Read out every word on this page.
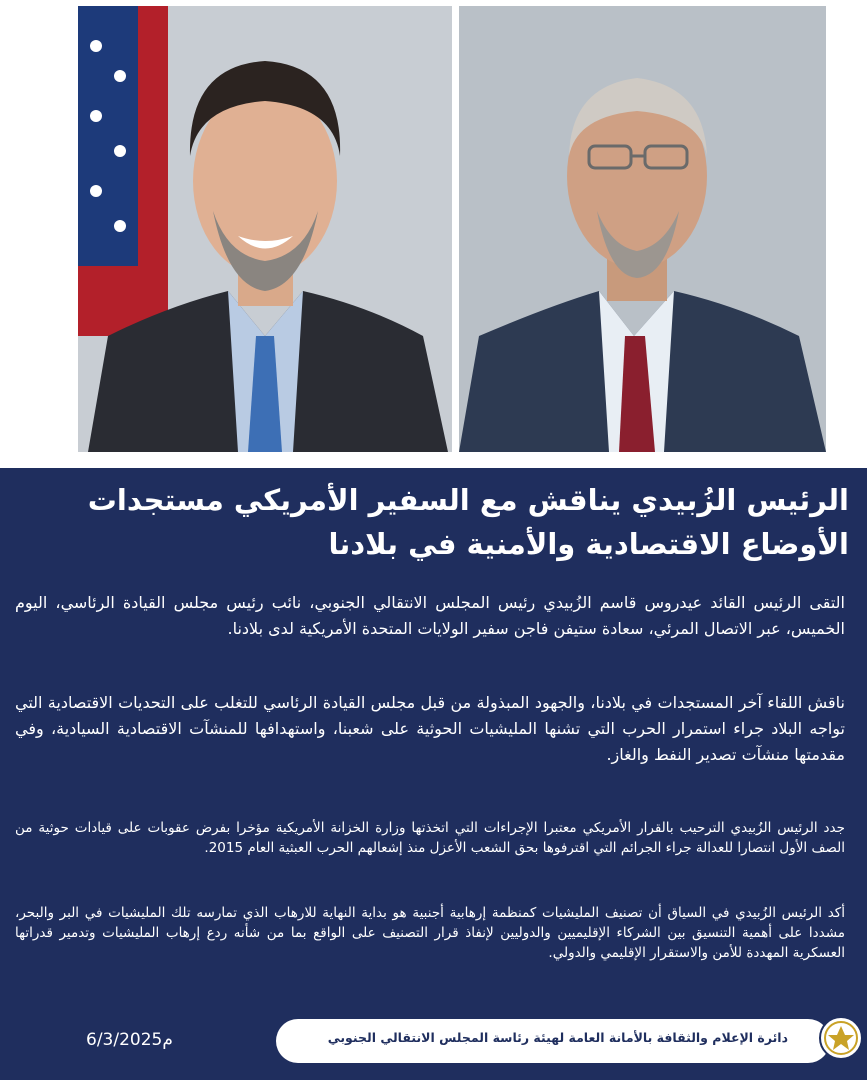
الرئيس الزُبيدي يناقش مع السفير الأمريكي مستجدات الأوضاع الاقتصادية والأمنية في بلادنا

التقى الرئيس القائد عيدروس قاسم الزُبيدي رئيس المجلس الانتقالي الجنوبي، نائب رئيس مجلس القيادة الرئاسي، اليوم الخميس، عبر الاتصال المرئي، سعادة ستيفن فاجن سفير الولايات المتحدة الأمريكية لدى بلادنا.

ناقش اللقاء آخر المستجدات في بلادنا، والجهود المبذولة من قبل مجلس القيادة الرئاسي للتغلب على التحديات الاقتصادية التي تواجه البلاد جراء استمرار الحرب التي تشنها المليشيات الحوثية على شعبنا، واستهدافها للمنشآت الاقتصادية السيادية، وفي مقدمتها منشآت تصدير النفط والغاز.

جدد الرئيس الزُبيدي الترحيب بالقرار الأمريكي معتبرا الإجراءات التي اتخذتها وزارة الخزانة الأمريكية مؤخرا بفرض عقوبات على قيادات حوثية من الصف الأول انتصارا للعدالة جراء الجرائم التي اقترفوها بحق الشعب الأعزل منذ إشعالهم الحرب العبثية العام 2015.

أكد الرئيس الزُبيدي في السياق أن تصنيف المليشيات كمنظمة إرهابية أجنبية هو بداية النهاية للارهاب الذي تمارسه تلك المليشيات في البر والبحر، مشددا على أهمية التنسيق بين الشركاء الإقليميين والدوليين لإنفاذ قرار التصنيف على الواقع بما من شأنه ردع إرهاب المليشيات وتدمير قدراتها العسكرية المهددة للأمن والاستقرار الإقليمي والدولي.

دائرة الإعلام والثقافة بالأمانة العامة لهيئة رئاسة المجلس الانتقالي الجنوبي
6/3/2025م
